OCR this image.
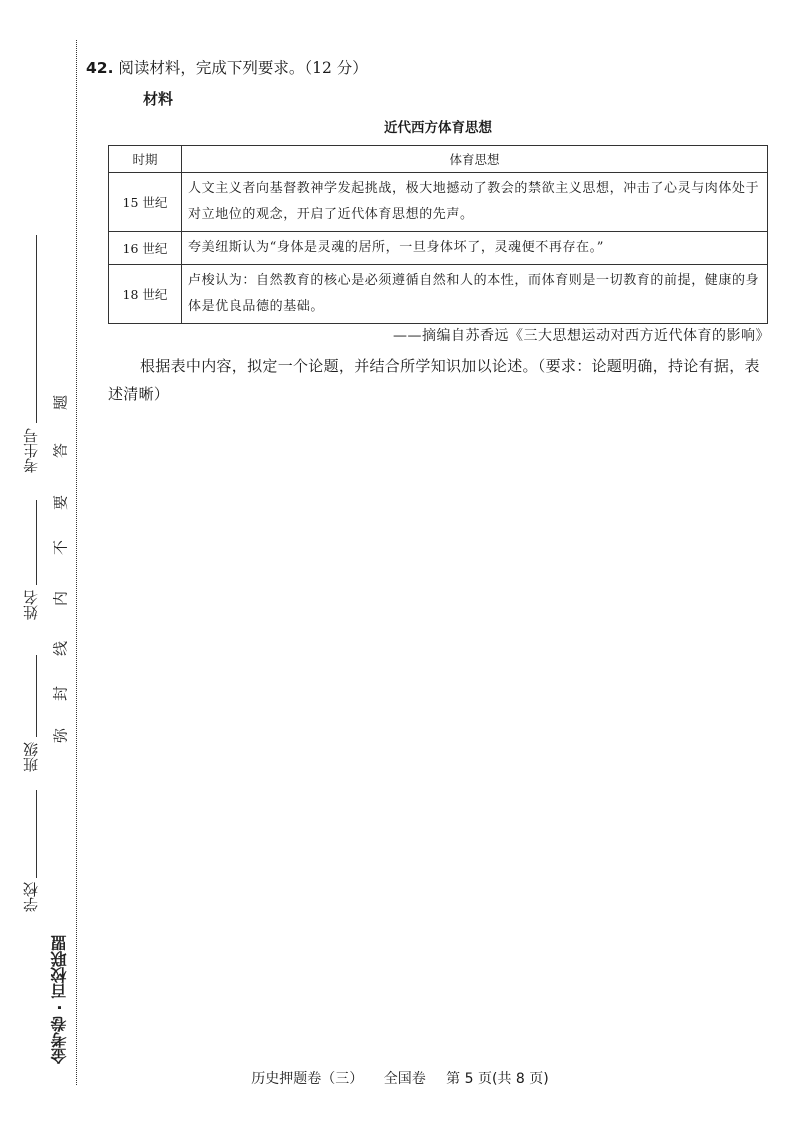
金考卷 · 百校联盟
学校
班级
姓名
考生号
弥
封
线
内
不
要
答
题
42. 阅读材料，完成下列要求。（12 分）
材料
近代西方体育思想
时期	体育思想
15 世纪	人文主义者向基督教神学发起挑战，极大地撼动了教会的禁欲主义思想，冲击了心灵与肉体处于对立地位的观念，开启了近代体育思想的先声。
16 世纪	夸美纽斯认为“身体是灵魂的居所，一旦身体坏了，灵魂便不再存在。”
18 世纪	卢梭认为：自然教育的核心是必须遵循自然和人的本性，而体育则是一切教育的前提，健康的身体是优良品德的基础。
——摘编自苏香远《三大思想运动对西方近代体育的影响》
根据表中内容，拟定一个论题，并结合所学知识加以论述。（要求：论题明确，持论有据，表述清晰）
历史押题卷（三） 全国卷 第 5 页(共 8 页)
